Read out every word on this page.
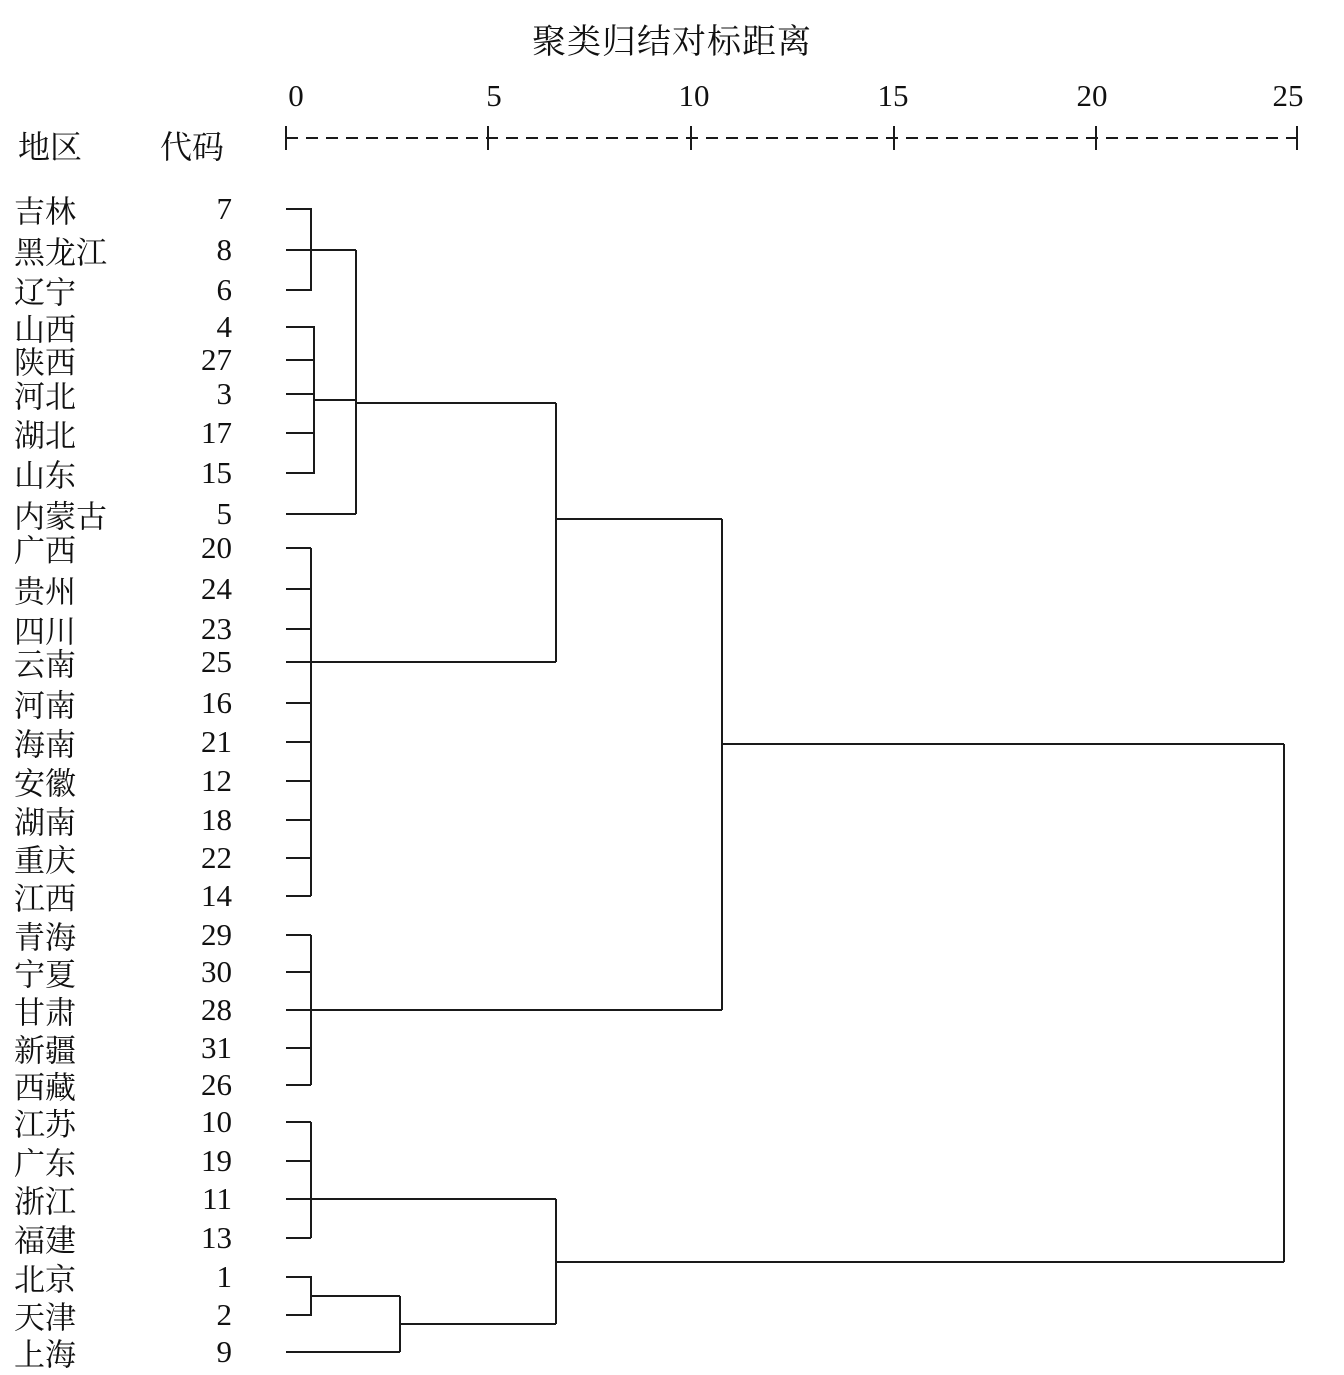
聚类归结对标距离
0	5	10	15	20	25
地区 代码
吉林	7
黑龙江	8
辽宁	6
山西	4
陕西	27
河北	3
湖北	17
山东	15
内蒙古	5
广西	20
贵州	24
四川	23
云南	25
河南	16
海南	21
安徽	12
湖南	18
重庆	22
江西	14
青海	29
宁夏	30
甘肃	28
新疆	31
西藏	26
江苏	10
广东	19
浙江	11
福建	13
北京	1
天津	2
上海	9
